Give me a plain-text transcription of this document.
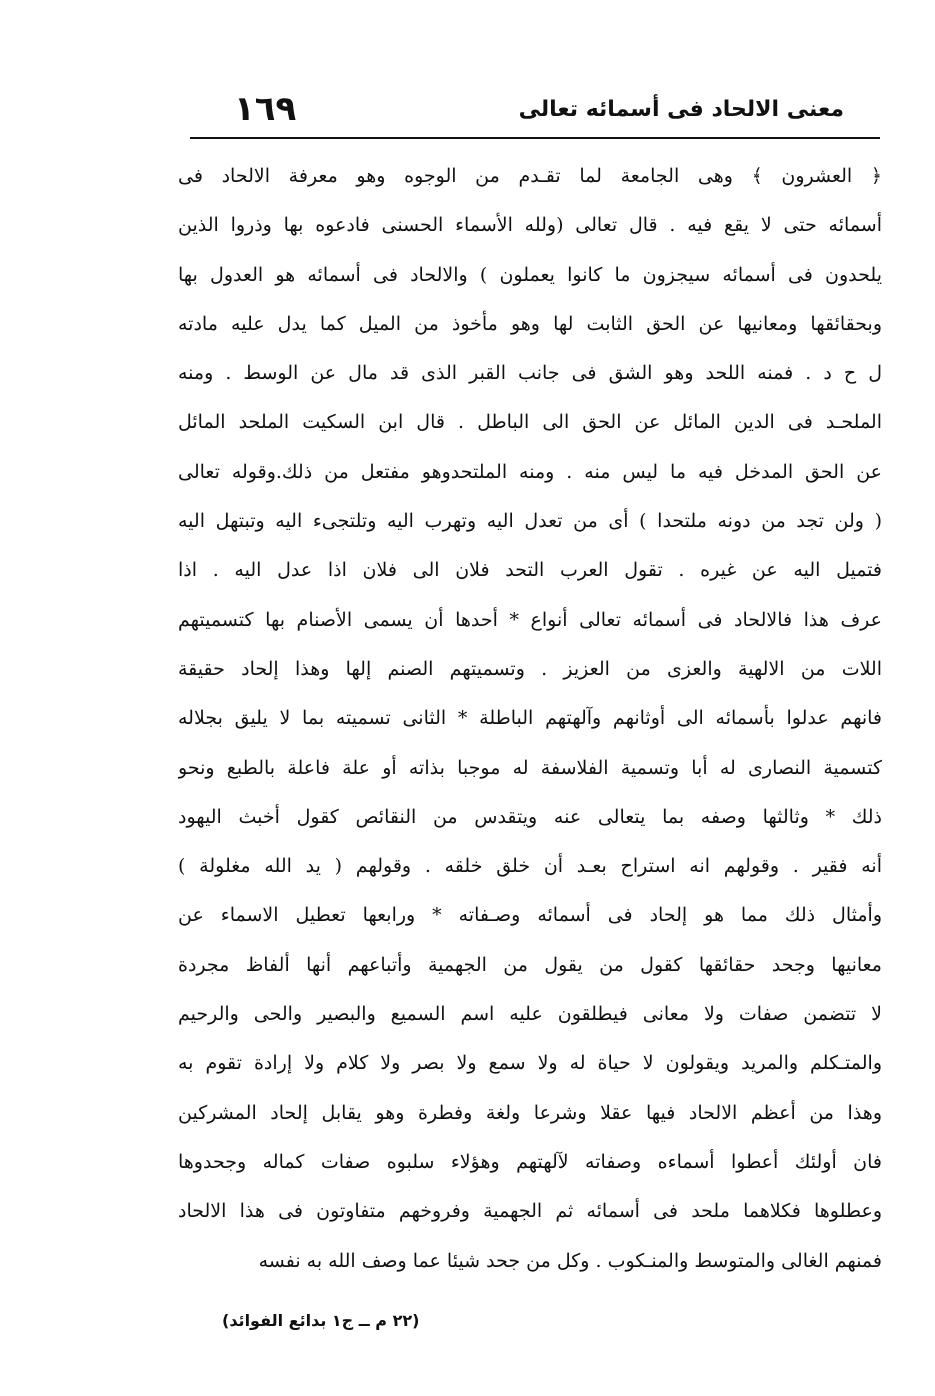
١٦٩	معنى الالحاد فى أسمائه تعالى
﴿ العشرون ﴾ وهى الجامعة لما تقـدم من الوجوه وهو معرفة الالحاد فى
أسمائه حتى لا يقع فيه . قال تعالى (ولله الأسماء الحسنى فادعوه بها وذروا الذين
يلحدون فى أسمائه سيجزون ما كانوا يعملون ) والالحاد فى أسمائه هو العدول بها
وبحقائقها ومعانيها عن الحق الثابت لها وهو مأخوذ من الميل كما يدل عليه مادته
ل ح د . فمنه اللحد وهو الشق فى جانب القبر الذى قد مال عن الوسط . ومنه
الملحـد فى الدين المائل عن الحق الى الباطل . قال ابن السكيت الملحد المائل
عن الحق المدخل فيه ما ليس منه . ومنه الملتحدوهو مفتعل من ذلك.وقوله تعالى
( ولن تجد من دونه ملتحدا ) أى من تعدل اليه وتهرب اليه وتلتجىء اليه وتبتهل اليه
فتميل اليه عن غيره . تقول العرب التحد فلان الى فلان اذا عدل اليه . اذا
عرف هذا فالالحاد فى أسمائه تعالى أنواع * أحدها أن يسمى الأصنام بها كتسميتهم
اللات من الالهية والعزى من العزيز . وتسميتهم الصنم إلها وهذا إلحاد حقيقة
فانهم عدلوا بأسمائه الى أوثانهم وآلهتهم الباطلة * الثانى تسميته بما لا يليق بجلاله
كتسمية النصارى له أبا وتسمية الفلاسفة له موجبا بذاته أو علة فاعلة بالطبع ونحو
ذلك * وثالثها وصفه بما يتعالى عنه ويتقدس من النقائص كقول أخبث اليهود
أنه فقير . وقولهم انه استراح بعـد أن خلق خلقه . وقولهم ( يد الله مغلولة )
وأمثال ذلك مما هو إلحاد فى أسمائه وصـفاته * ورابعها تعطيل الاسماء عن
معانيها وجحد حقائقها كقول من يقول من الجهمية وأتباعهم أنها ألفاظ مجردة
لا تتضمن صفات ولا معانى فيطلقون عليه اسم السميع والبصير والحى والرحيم
والمتـكلم والمريد ويقولون لا حياة له ولا سمع ولا بصر ولا كلام ولا إرادة تقوم به
وهذا من أعظم الالحاد فيها عقلا وشرعا ولغة وفطرة وهو يقابل إلحاد المشركين
فان أولئك أعطوا أسماءه وصفاته لآلهتهم وهؤلاء سلبوه صفات كماله وجحدوها
وعطلوها فكلاهما ملحد فى أسمائه ثم الجهمية وفروخهم متفاوتون فى هذا الالحاد
فمنهم الغالى والمتوسط والمنـكوب . وكل من جحد شيئا عما وصف الله به نفسه
(٢٢ م ــ ج١ بدائع الفوائد)
